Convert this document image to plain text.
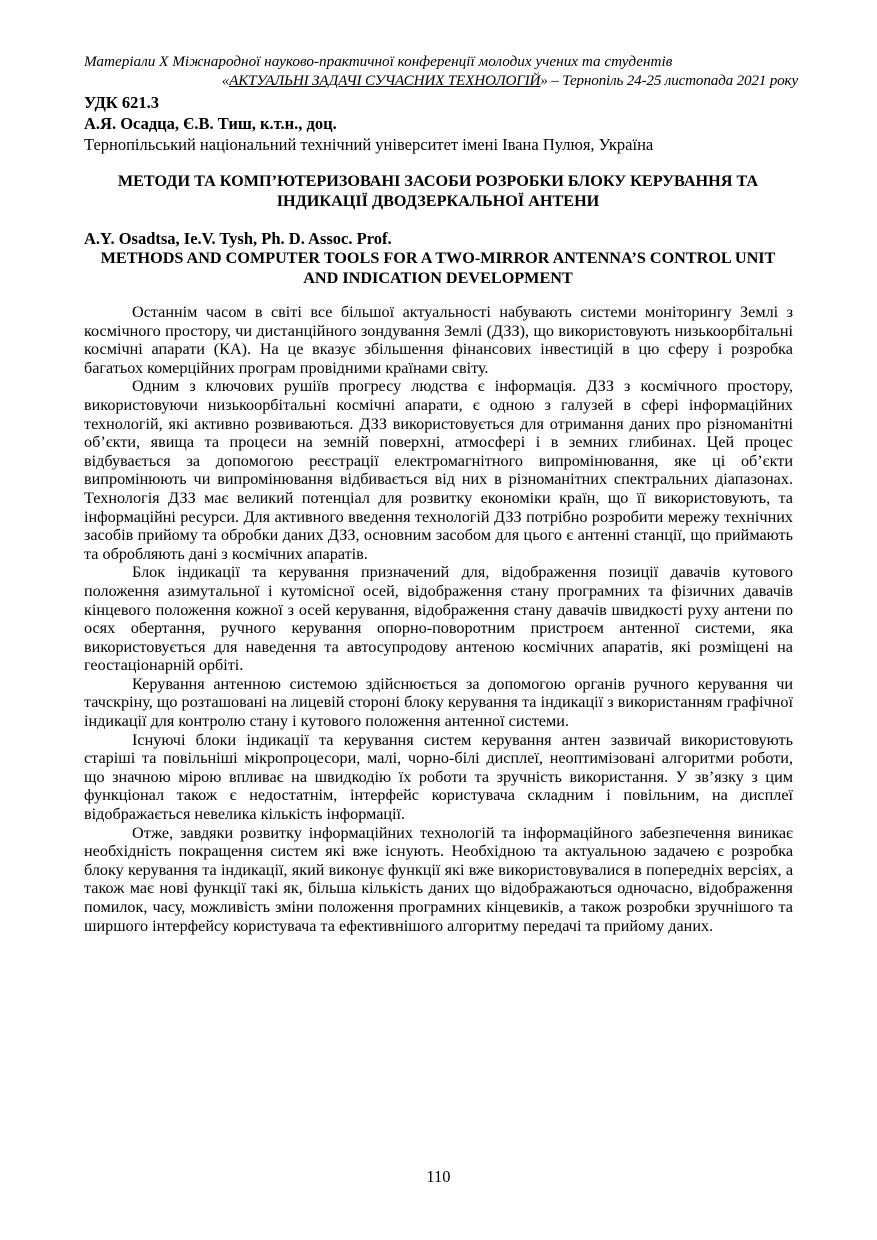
Матеріали X Міжнародної науково-практичної конференції молодих учених та студентів
«АКТУАЛЬНІ ЗАДАЧІ СУЧАСНИХ ТЕХНОЛОГІЙ» – Тернопіль 24-25 листопада 2021 року
УДК 621.3
А.Я. Осадца, Є.В. Тиш, к.т.н., доц.
Тернопільський національний технічний університет імені Івана Пулюя, Україна
МЕТОДИ ТА КОМП’ЮТЕРИЗОВАНІ ЗАСОБИ РОЗРОБКИ БЛОКУ КЕРУВАННЯ ТА ІНДИКАЦІЇ ДВОДЗЕРКАЛЬНОЇ АНТЕНИ
A.Y. Osadtsa, Ie.V. Tysh, Ph. D. Assoc. Prof.
METHODS AND COMPUTER TOOLS FOR A TWO-MIRROR ANTENNA’S CONTROL UNIT AND INDICATION DEVELOPMENT

Останнім часом в світі все більшої актуальності набувають системи моніторингу Землі з космічного простору, чи дистанційного зондування Землі (ДЗЗ), що використовують низькоорбітальні космічні апарати (КА). На це вказує збільшення фінансових інвестицій в цю сферу і розробка багатьох комерційних програм провідними країнами світу.

Одним з ключових рушіїв прогресу людства є інформація. ДЗЗ з космічного простору, використовуючи низькоорбітальні космічні апарати, є одною з галузей в сфері інформаційних технологій, які активно розвиваються. ДЗЗ використовується для отримання даних про різноманітні об’єкти, явища та процеси на земній поверхні, атмосфері і в земних глибинах. Цей процес відбувається за допомогою реєстрації електромагнітного випромінювання, яке ці об’єкти випромінюють чи випромінювання відбивається від них в різноманітних спектральних діапазонах. Технологія ДЗЗ має великий потенціал для розвитку економіки країн, що її використовують, та інформаційні ресурси. Для активного введення технологій ДЗЗ потрібно розробити мережу технічних засобів прийому та обробки даних ДЗЗ, основним засобом для цього є антенні станції, що приймають та обробляють дані з космічних апаратів.

Блок індикації та керування призначений для, відображення позиції давачів кутового положення азимутальної і кутомісної осей, відображення стану програмних та фізичних давачів кінцевого положення кожної з осей керування, відображення стану давачів швидкості руху антени по осях обертання, ручного керування опорно-поворотним пристроєм антенної системи, яка використовується для наведення та автосупродову антеною космічних апаратів, які розміщені на геостаціонарній орбіті.

Керування антенною системою здійснюється за допомогою органів ручного керування чи тачскріну, що розташовані на лицевій стороні блоку керування та індикації з використанням графічної індикації для контролю стану і кутового положення антенної системи.

Існуючі блоки індикації та керування систем керування антен зазвичай використовують старіші та повільніші мікропроцесори, малі, чорно-білі дисплеї, неоптимізовані алгоритми роботи, що значною мірою впливає на швидкодію їх роботи та зручність використання. У зв’язку з цим функціонал також є недостатнім, інтерфейс користувача складним і повільним, на дисплеї відображається невелика кількість інформації.

Отже, завдяки розвитку інформаційних технологій та інформаційного забезпечення виникає необхідність покращення систем які вже існують. Необхідною та актуальною задачею є розробка блоку керування та індикації, який виконує функції які вже використовувалися в попередніх версіях, а також має нові функції такі як, більша кількість даних що відображаються одночасно, відображення помилок, часу, можливість зміни положення програмних кінцевиків, а також розробки зручнішого та ширшого інтерфейсу користувача та ефективнішого алгоритму передачі та прийому даних.

110
